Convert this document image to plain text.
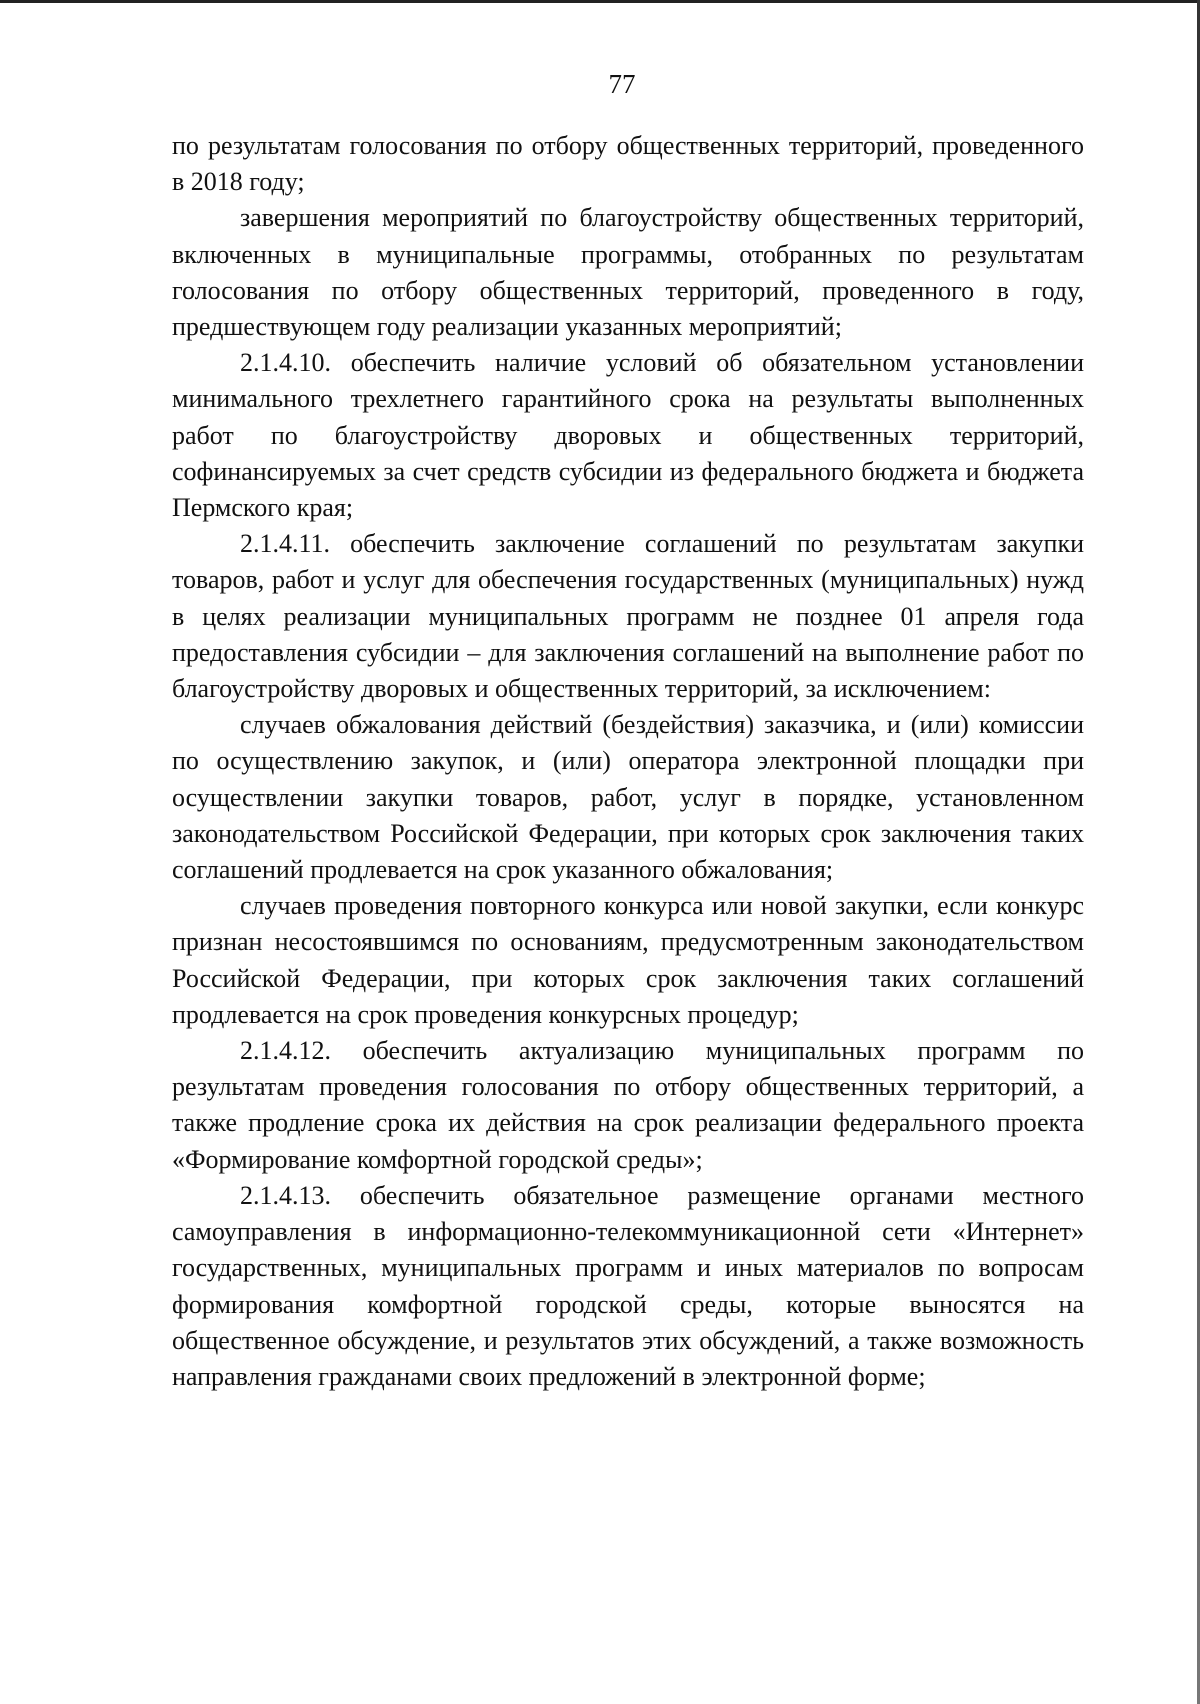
77

по результатам голосования по отбору общественных территорий, проведенного в 2018 году;

завершения мероприятий по благоустройству общественных территорий, включенных в муниципальные программы, отобранных по результатам голосования по отбору общественных территорий, проведенного в году, предшествующем году реализации указанных мероприятий;

2.1.4.10. обеспечить наличие условий об обязательном установлении минимального трехлетнего гарантийного срока на результаты выполненных работ по благоустройству дворовых и общественных территорий, софинансируемых за счет средств субсидии из федерального бюджета и бюджета Пермского края;

2.1.4.11. обеспечить заключение соглашений по результатам закупки товаров, работ и услуг для обеспечения государственных (муниципальных) нужд в целях реализации муниципальных программ не позднее 01 апреля года предоставления субсидии – для заключения соглашений на выполнение работ по благоустройству дворовых и общественных территорий, за исключением:

случаев обжалования действий (бездействия) заказчика, и (или) комиссии по осуществлению закупок, и (или) оператора электронной площадки при осуществлении закупки товаров, работ, услуг в порядке, установленном законодательством Российской Федерации, при которых срок заключения таких соглашений продлевается на срок указанного обжалования;

случаев проведения повторного конкурса или новой закупки, если конкурс признан несостоявшимся по основаниям, предусмотренным законодательством Российской Федерации, при которых срок заключения таких соглашений продлевается на срок проведения конкурсных процедур;

2.1.4.12. обеспечить актуализацию муниципальных программ по результатам проведения голосования по отбору общественных территорий, а также продление срока их действия на срок реализации федерального проекта «Формирование комфортной городской среды»;

2.1.4.13. обеспечить обязательное размещение органами местного самоуправления в информационно-телекоммуникационной сети «Интернет» государственных, муниципальных программ и иных материалов по вопросам формирования комфортной городской среды, которые выносятся на общественное обсуждение, и результатов этих обсуждений, а также возможность направления гражданами своих предложений в электронной форме;
